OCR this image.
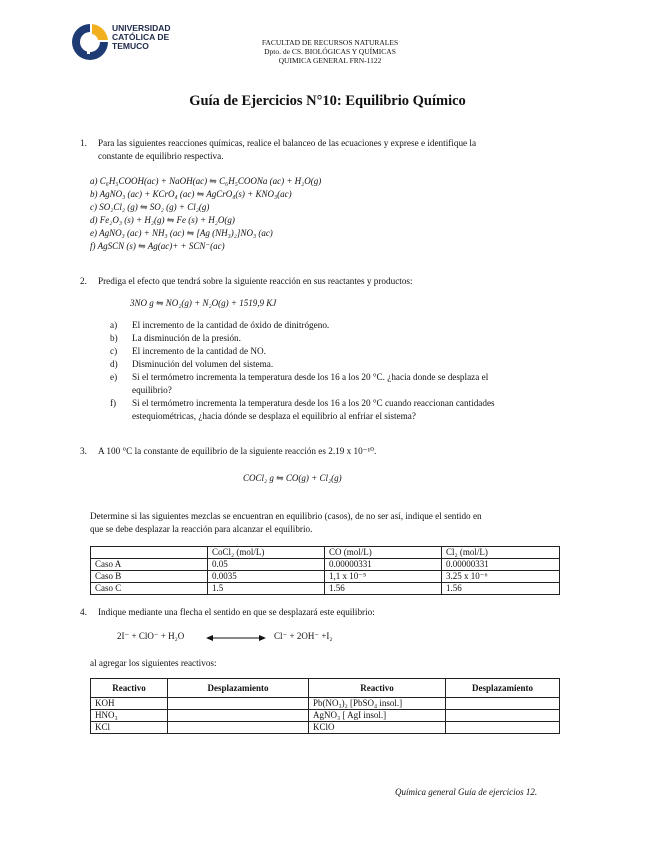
UNIVERSIDAD
CATÓLICA DE
TEMUCO	FACULTAD DE RECURSOS NATURALES
Dpto. de CS. BIOLÓGICAS Y QUÍMICAS
QUIMICA GENERAL FRN-1122
Guía de Ejercicios N°10: Equilibrio Químico
1. Para las siguientes reacciones químicas, realice el balanceo de las ecuaciones y exprese e identifique la
constante de equilibrio respectiva.
a) C₆H₅COOH(ac) + NaOH(ac) ⇋ C₆H₅COONa (ac) + H₂O(g)
b) AgNO₃ (ac) + KCrO₄ (ac) ⇋ AgCrO₄(s) + KNO₃(ac)
c) SO₂Cl₂ (g) ⇋ SO₂ (g) + Cl₂(g)
d) Fe₂O₃ (s) + H₂(g) ⇋ Fe (s) + H₂O(g)
e) AgNO₃ (ac) + NH₃ (ac) ⇋ [Ag (NH₃)₂]NO₃ (ac)
f) AgSCN (s) ⇋ Ag(ac)+ + SCN⁻(ac)
2. Prediga el efecto que tendrá sobre la siguiente reacción en sus reactantes y productos:
3NO g ⇋ NO₂(g) + N₂O(g) + 1519,9 KJ
a)	El incremento de la cantidad de óxido de dinitrógeno.
b)	La disminución de la presión.
c)	El incremento de la cantidad de NO.
d)	Disminución del volumen del sistema.
e)	Si el termómetro incrementa la temperatura desde los 16 a los 20 °C. ¿hacia donde se desplaza el
equilibrio?
f)	Si el termómetro incrementa la temperatura desde los 16 a los 20 °C cuando reaccionan cantidades
estequiométricas, ¿hacia dónde se desplaza el equilibrio al enfriar el sistema?
3. A 100 °C la constante de equilibrio de la siguiente reacción es 2.19 x 10⁻¹⁰.
COCl₂ g ⇋ CO(g) + Cl₂(g)
Determine si las siguientes mezclas se encuentran en equilibrio (casos), de no ser así, indique el sentido en
que se debe desplazar la reacción para alcanzar el equilibrio.
	CoCl₂ (mol/L)	CO (mol/L)	Cl₂ (mol/L)
Caso A	0.05	0.00000331	0.00000331
Caso B	0.0035	1,1 x 10⁻⁵	3.25 x 10⁻⁶
Caso C	1.5	1.56	1.56
4. Indique mediante una flecha el sentido en que se desplazará este equilibrio:
2I⁻ + ClO⁻ + H₂O	Cl⁻ + 2OH⁻ +I₂
al agregar los siguientes reactivos:
Reactivo	Desplazamiento	Reactivo	Desplazamiento
KOH		Pb(NO₃)₂ [PbSO₄ insol.]	
HNO₃		AgNO₃ [ AgI insol.]	
KCl		KClO	
Química general Guía de ejercicios 12.
